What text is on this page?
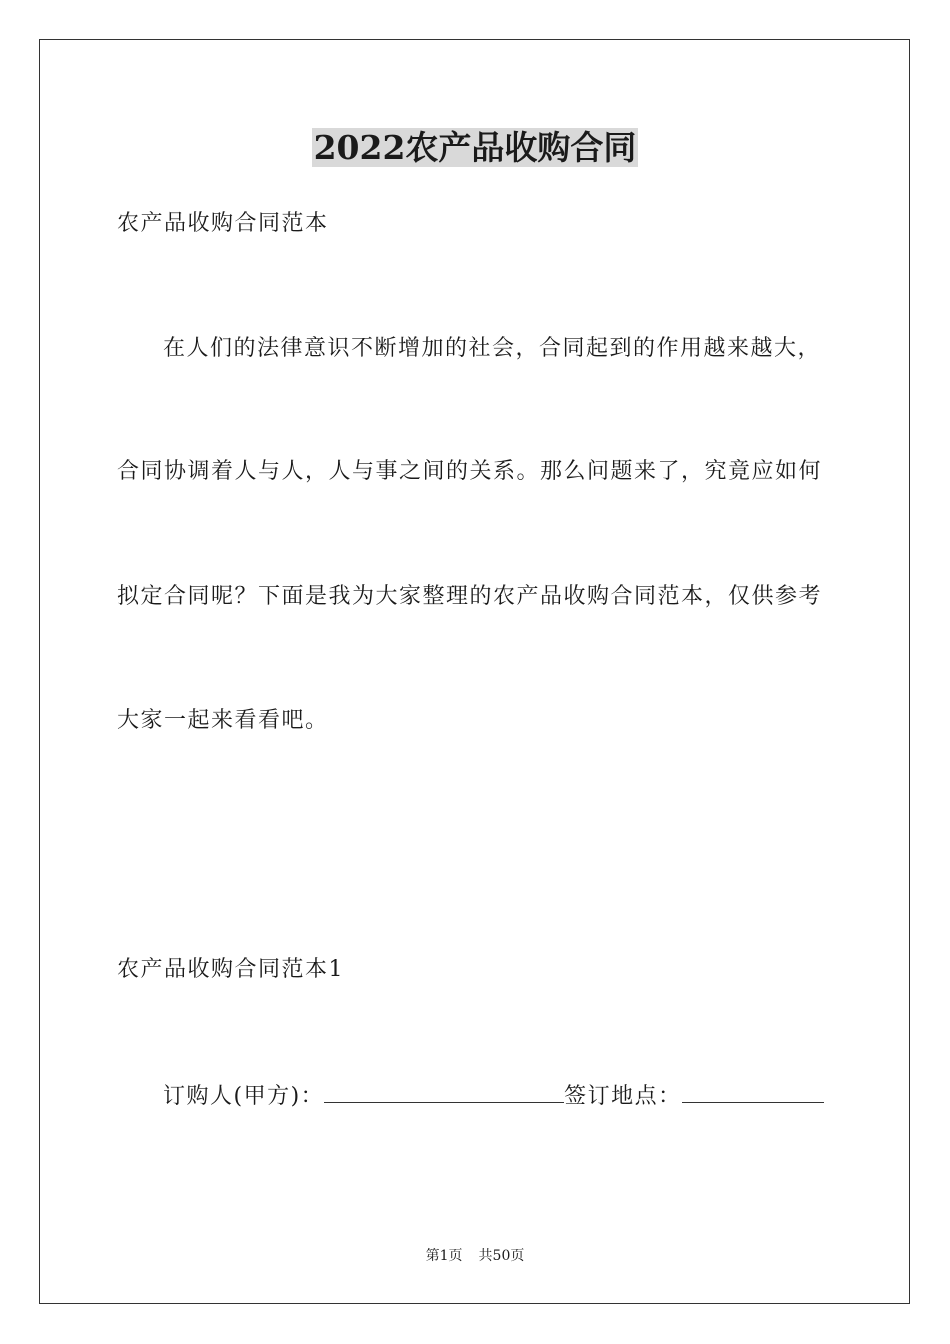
2022农产品收购合同
农产品收购合同范本
在人们的法律意识不断增加的社会，合同起到的作用越来越大，
合同协调着人与人，人与事之间的关系。那么问题来了，究竟应如何
拟定合同呢？下面是我为大家整理的农产品收购合同范本，仅供参考
大家一起来看看吧。
农产品收购合同范本1
订购人(甲方)：	签订地点：
第1页 共50页
